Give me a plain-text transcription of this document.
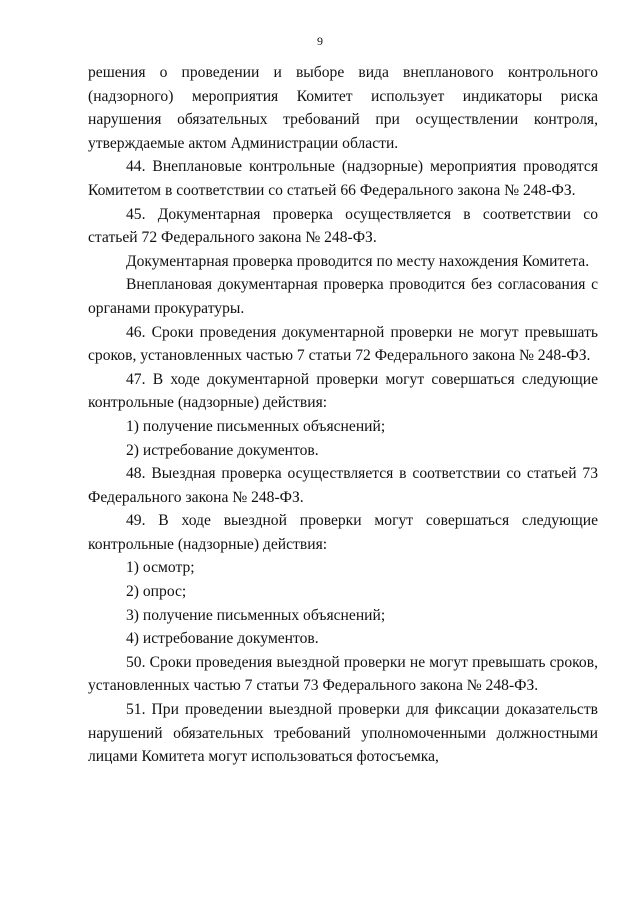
9

решения о проведении и выборе вида внепланового контрольного (надзорного) мероприятия Комитет использует индикаторы риска нарушения обязательных требований при осуществлении контроля, утверждаемые актом Администрации области.

44. Внеплановые контрольные (надзорные) мероприятия проводятся Комитетом в соответствии со статьей 66 Федерального закона № 248-ФЗ.

45. Документарная проверка осуществляется в соответствии со статьей 72 Федерального закона № 248-ФЗ.

Документарная проверка проводится по месту нахождения Комитета.

Внеплановая документарная проверка проводится без согласования с органами прокуратуры.

46. Сроки проведения документарной проверки не могут превышать сроков, установленных частью 7 статьи 72 Федерального закона № 248-ФЗ.

47. В ходе документарной проверки могут совершаться следующие контрольные (надзорные) действия:

1) получение письменных объяснений;

2) истребование документов.

48. Выездная проверка осуществляется в соответствии со статьей 73 Федерального закона № 248-ФЗ.

49. В ходе выездной проверки могут совершаться следующие контрольные (надзорные) действия:

1) осмотр;

2) опрос;

3) получение письменных объяснений;

4) истребование документов.

50. Сроки проведения выездной проверки не могут превышать сроков, установленных частью 7 статьи 73 Федерального закона № 248-ФЗ.

51. При проведении выездной проверки для фиксации доказательств нарушений обязательных требований уполномоченными должностными лицами Комитета могут использоваться фотосъемка,
